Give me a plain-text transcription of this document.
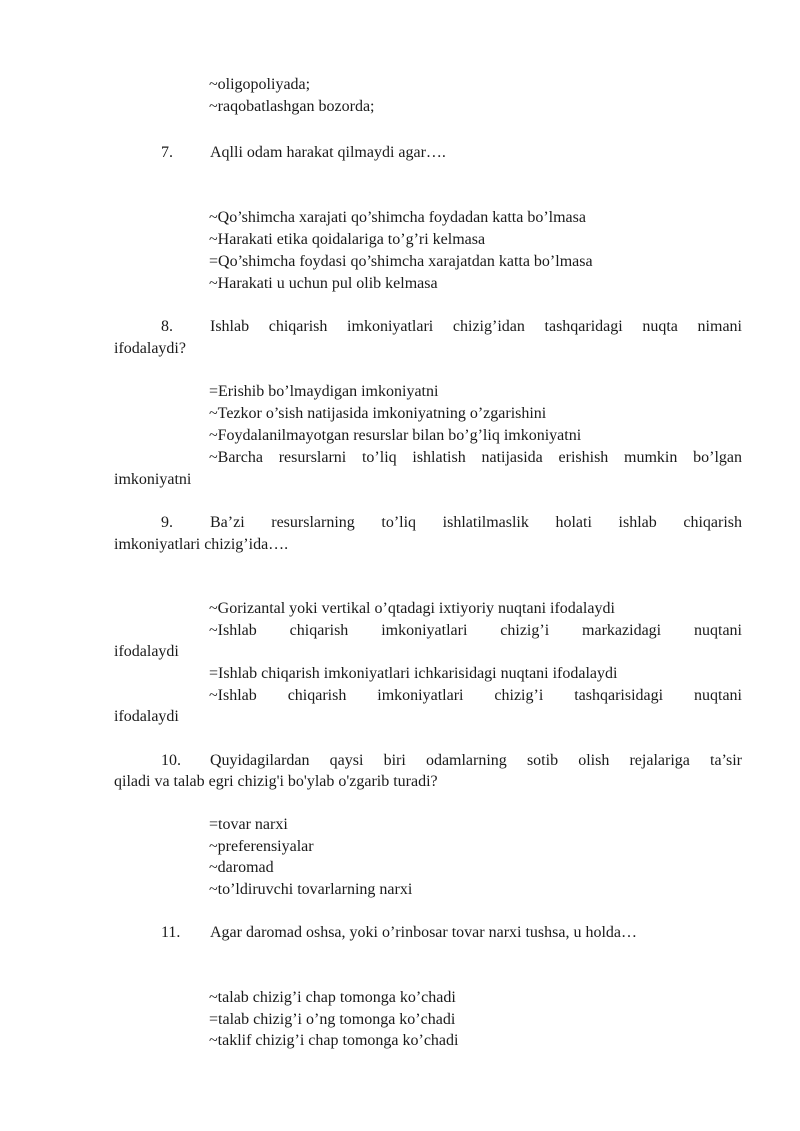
~oligopoliyada;

~raqobatlashgan bozorda;

7. Aqlli odam harakat qilmaydi agar….

~Qo’shimcha xarajati qo’shimcha foydadan katta bo’lmasa

~Harakati etika qoidalariga to’g’ri kelmasa

=Qo’shimcha foydasi qo’shimcha xarajatdan katta bo’lmasa

~Harakati u uchun pul olib kelmasa

8. Ishlab chiqarish imkoniyatlari chizig’idan tashqaridagi nuqta nimani

ifodalaydi?

=Erishib bo’lmaydigan imkoniyatni

~Tezkor o’sish natijasida imkoniyatning o’zgarishini

~Foydalanilmayotgan resurslar bilan bo’g’liq imkoniyatni

~Barcha resurslarni to’liq ishlatish natijasida erishish mumkin bo’lgan

imkoniyatni

9. Ba’zi resurslarning to’liq ishlatilmaslik holati ishlab chiqarish

imkoniyatlari chizig’ida….

~Gorizantal yoki vertikal o’qtadagi ixtiyoriy nuqtani ifodalaydi

~Ishlab chiqarish imkoniyatlari chizig’i markazidagi nuqtani

ifodalaydi

=Ishlab chiqarish imkoniyatlari ichkarisidagi nuqtani ifodalaydi

~Ishlab chiqarish imkoniyatlari chizig’i tashqarisidagi nuqtani

ifodalaydi

10. Quyidagilardan qaysi biri odamlarning sotib olish rejalariga ta’sir

qiladi va talab egri chizig'i bo'ylab o'zgarib turadi?

=tovar narxi

~preferensiyalar

~daromad

~to’ldiruvchi tovarlarning narxi

11. Agar daromad oshsa, yoki o’rinbosar tovar narxi tushsa, u holda…

~talab chizig’i chap tomonga ko’chadi

=talab chizig’i o’ng tomonga ko’chadi

~taklif chizig’i chap tomonga ko’chadi
